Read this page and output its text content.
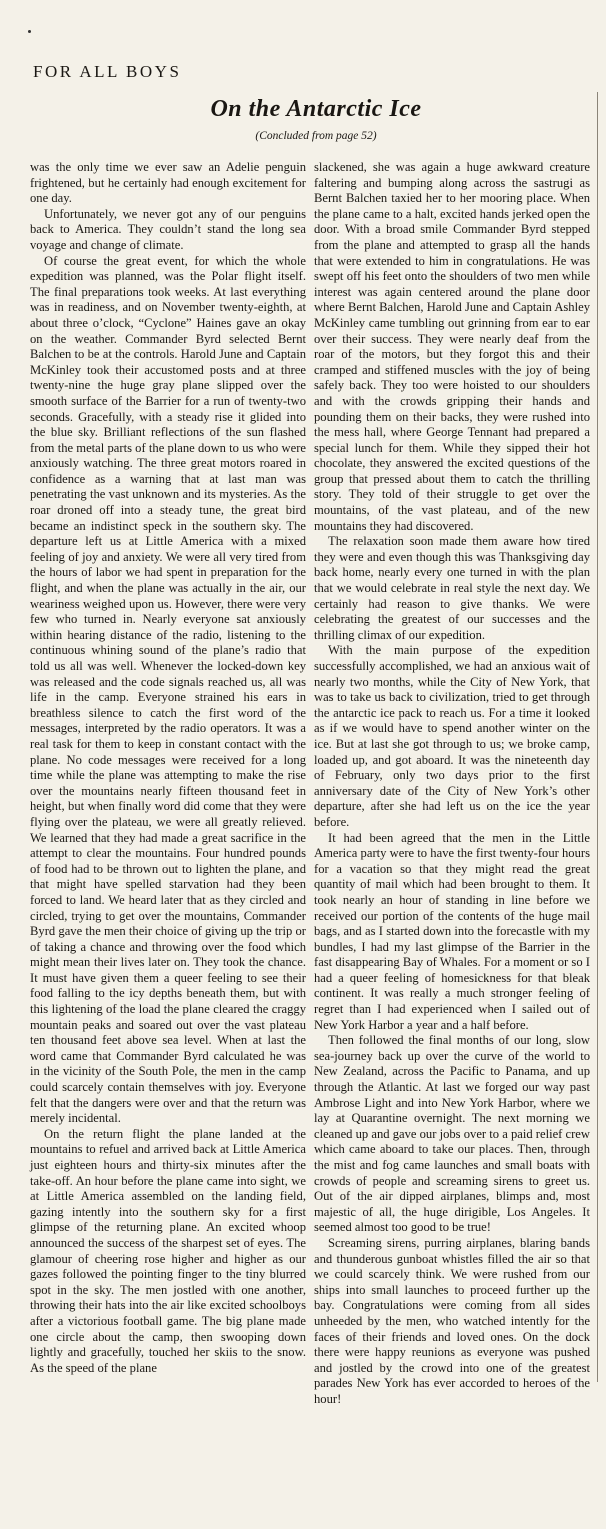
FOR ALL BOYS
On the Antarctic Ice
(Concluded from page 52)

was the only time we ever saw an Adelie penguin frightened, but he certainly had enough excitement for one day.

Unfortunately, we never got any of our penguins back to America. They couldn’t stand the long sea voyage and change of climate.

Of course the great event, for which the whole expedition was planned, was the Polar flight itself. The final preparations took weeks. At last everything was in readiness, and on November twenty-eighth, at about three o’clock, “Cyclone” Haines gave an okay on the weather. Commander Byrd selected Bernt Balchen to be at the controls. Harold June and Captain McKinley took their accustomed posts and at three twenty-nine the huge gray plane slipped over the smooth surface of the Barrier for a run of twenty-two seconds. Gracefully, with a steady rise it glided into the blue sky. Brilliant reflections of the sun flashed from the metal parts of the plane down to us who were anxiously watching. The three great motors roared in confidence as a warning that at last man was penetrating the vast unknown and its mysteries. As the roar droned off into a steady tune, the great bird became an indistinct speck in the southern sky. The departure left us at Little America with a mixed feeling of joy and anxiety. We were all very tired from the hours of labor we had spent in preparation for the flight, and when the plane was actually in the air, our weariness weighed upon us. However, there were very few who turned in. Nearly everyone sat anxiously within hearing distance of the radio, listening to the continuous whining sound of the plane’s radio that told us all was well. Whenever the locked-down key was released and the code signals reached us, all was life in the camp. Everyone strained his ears in breathless silence to catch the first word of the messages, interpreted by the radio operators. It was a real task for them to keep in constant contact with the plane. No code messages were received for a long time while the plane was attempting to make the rise over the mountains nearly fifteen thousand feet in height, but when finally word did come that they were flying over the plateau, we were all greatly relieved. We learned that they had made a great sacrifice in the attempt to clear the mountains. Four hundred pounds of food had to be thrown out to lighten the plane, and that might have spelled starvation had they been forced to land. We heard later that as they circled and circled, trying to get over the mountains, Commander Byrd gave the men their choice of giving up the trip or of taking a chance and throwing over the food which might mean their lives later on. They took the chance. It must have given them a queer feeling to see their food falling to the icy depths beneath them, but with this lightening of the load the plane cleared the craggy mountain peaks and soared out over the vast plateau ten thousand feet above sea level. When at last the word came that Commander Byrd calculated he was in the vicinity of the South Pole, the men in the camp could scarcely contain themselves with joy. Everyone felt that the dangers were over and that the return was merely incidental.

On the return flight the plane landed at the mountains to refuel and arrived back at Little America just eighteen hours and thirty-six minutes after the take-off. An hour before the plane came into sight, we at Little America assembled on the landing field, gazing intently into the southern sky for a first glimpse of the returning plane. An excited whoop announced the success of the sharpest set of eyes. The glamour of cheering rose higher and higher as our gazes followed the pointing finger to the tiny blurred spot in the sky. The men jostled with one another, throwing their hats into the air like excited schoolboys after a victorious football game. The big plane made one circle about the camp, then swooping down lightly and gracefully, touched her skiis to the snow. As the speed of the plane

slackened, she was again a huge awkward creature faltering and bumping along across the sastrugi as Bernt Balchen taxied her to her mooring place. When the plane came to a halt, excited hands jerked open the door. With a broad smile Commander Byrd stepped from the plane and attempted to grasp all the hands that were extended to him in congratulations. He was swept off his feet onto the shoulders of two men while interest was again centered around the plane door where Bernt Balchen, Harold June and Captain Ashley McKinley came tumbling out grinning from ear to ear over their success. They were nearly deaf from the roar of the motors, but they forgot this and their cramped and stiffened muscles with the joy of being safely back. They too were hoisted to our shoulders and with the crowds gripping their hands and pounding them on their backs, they were rushed into the mess hall, where George Tennant had prepared a special lunch for them. While they sipped their hot chocolate, they answered the excited questions of the group that pressed about them to catch the thrilling story. They told of their struggle to get over the mountains, of the vast plateau, and of the new mountains they had discovered.

The relaxation soon made them aware how tired they were and even though this was Thanksgiving day back home, nearly every one turned in with the plan that we would celebrate in real style the next day. We certainly had reason to give thanks. We were celebrating the greatest of our successes and the thrilling climax of our expedition.

With the main purpose of the expedition successfully accomplished, we had an anxious wait of nearly two months, while the City of New York, that was to take us back to civilization, tried to get through the antarctic ice pack to reach us. For a time it looked as if we would have to spend another winter on the ice. But at last she got through to us; we broke camp, loaded up, and got aboard. It was the nineteenth day of February, only two days prior to the first anniversary date of the City of New York’s other departure, after she had left us on the ice the year before.

It had been agreed that the men in the Little America party were to have the first twenty-four hours for a vacation so that they might read the great quantity of mail which had been brought to them. It took nearly an hour of standing in line before we received our portion of the contents of the huge mail bags, and as I started down into the forecastle with my bundles, I had my last glimpse of the Barrier in the fast disappearing Bay of Whales. For a moment or so I had a queer feeling of homesickness for that bleak continent. It was really a much stronger feeling of regret than I had experienced when I sailed out of New York Harbor a year and a half before.

Then followed the final months of our long, slow sea-journey back up over the curve of the world to New Zealand, across the Pacific to Panama, and up through the Atlantic. At last we forged our way past Ambrose Light and into New York Harbor, where we lay at Quarantine overnight. The next morning we cleaned up and gave our jobs over to a paid relief crew which came aboard to take our places. Then, through the mist and fog came launches and small boats with crowds of people and screaming sirens to greet us. Out of the air dipped airplanes, blimps and, most majestic of all, the huge dirigible, Los Angeles. It seemed almost too good to be true!

Screaming sirens, purring airplanes, blaring bands and thunderous gunboat whistles filled the air so that we could scarcely think. We were rushed from our ships into small launches to proceed further up the bay. Congratulations were coming from all sides unheeded by the men, who watched intently for the faces of their friends and loved ones. On the dock there were happy reunions as everyone was pushed and jostled by the crowd into one of the greatest parades New York has ever accorded to heroes of the hour!
